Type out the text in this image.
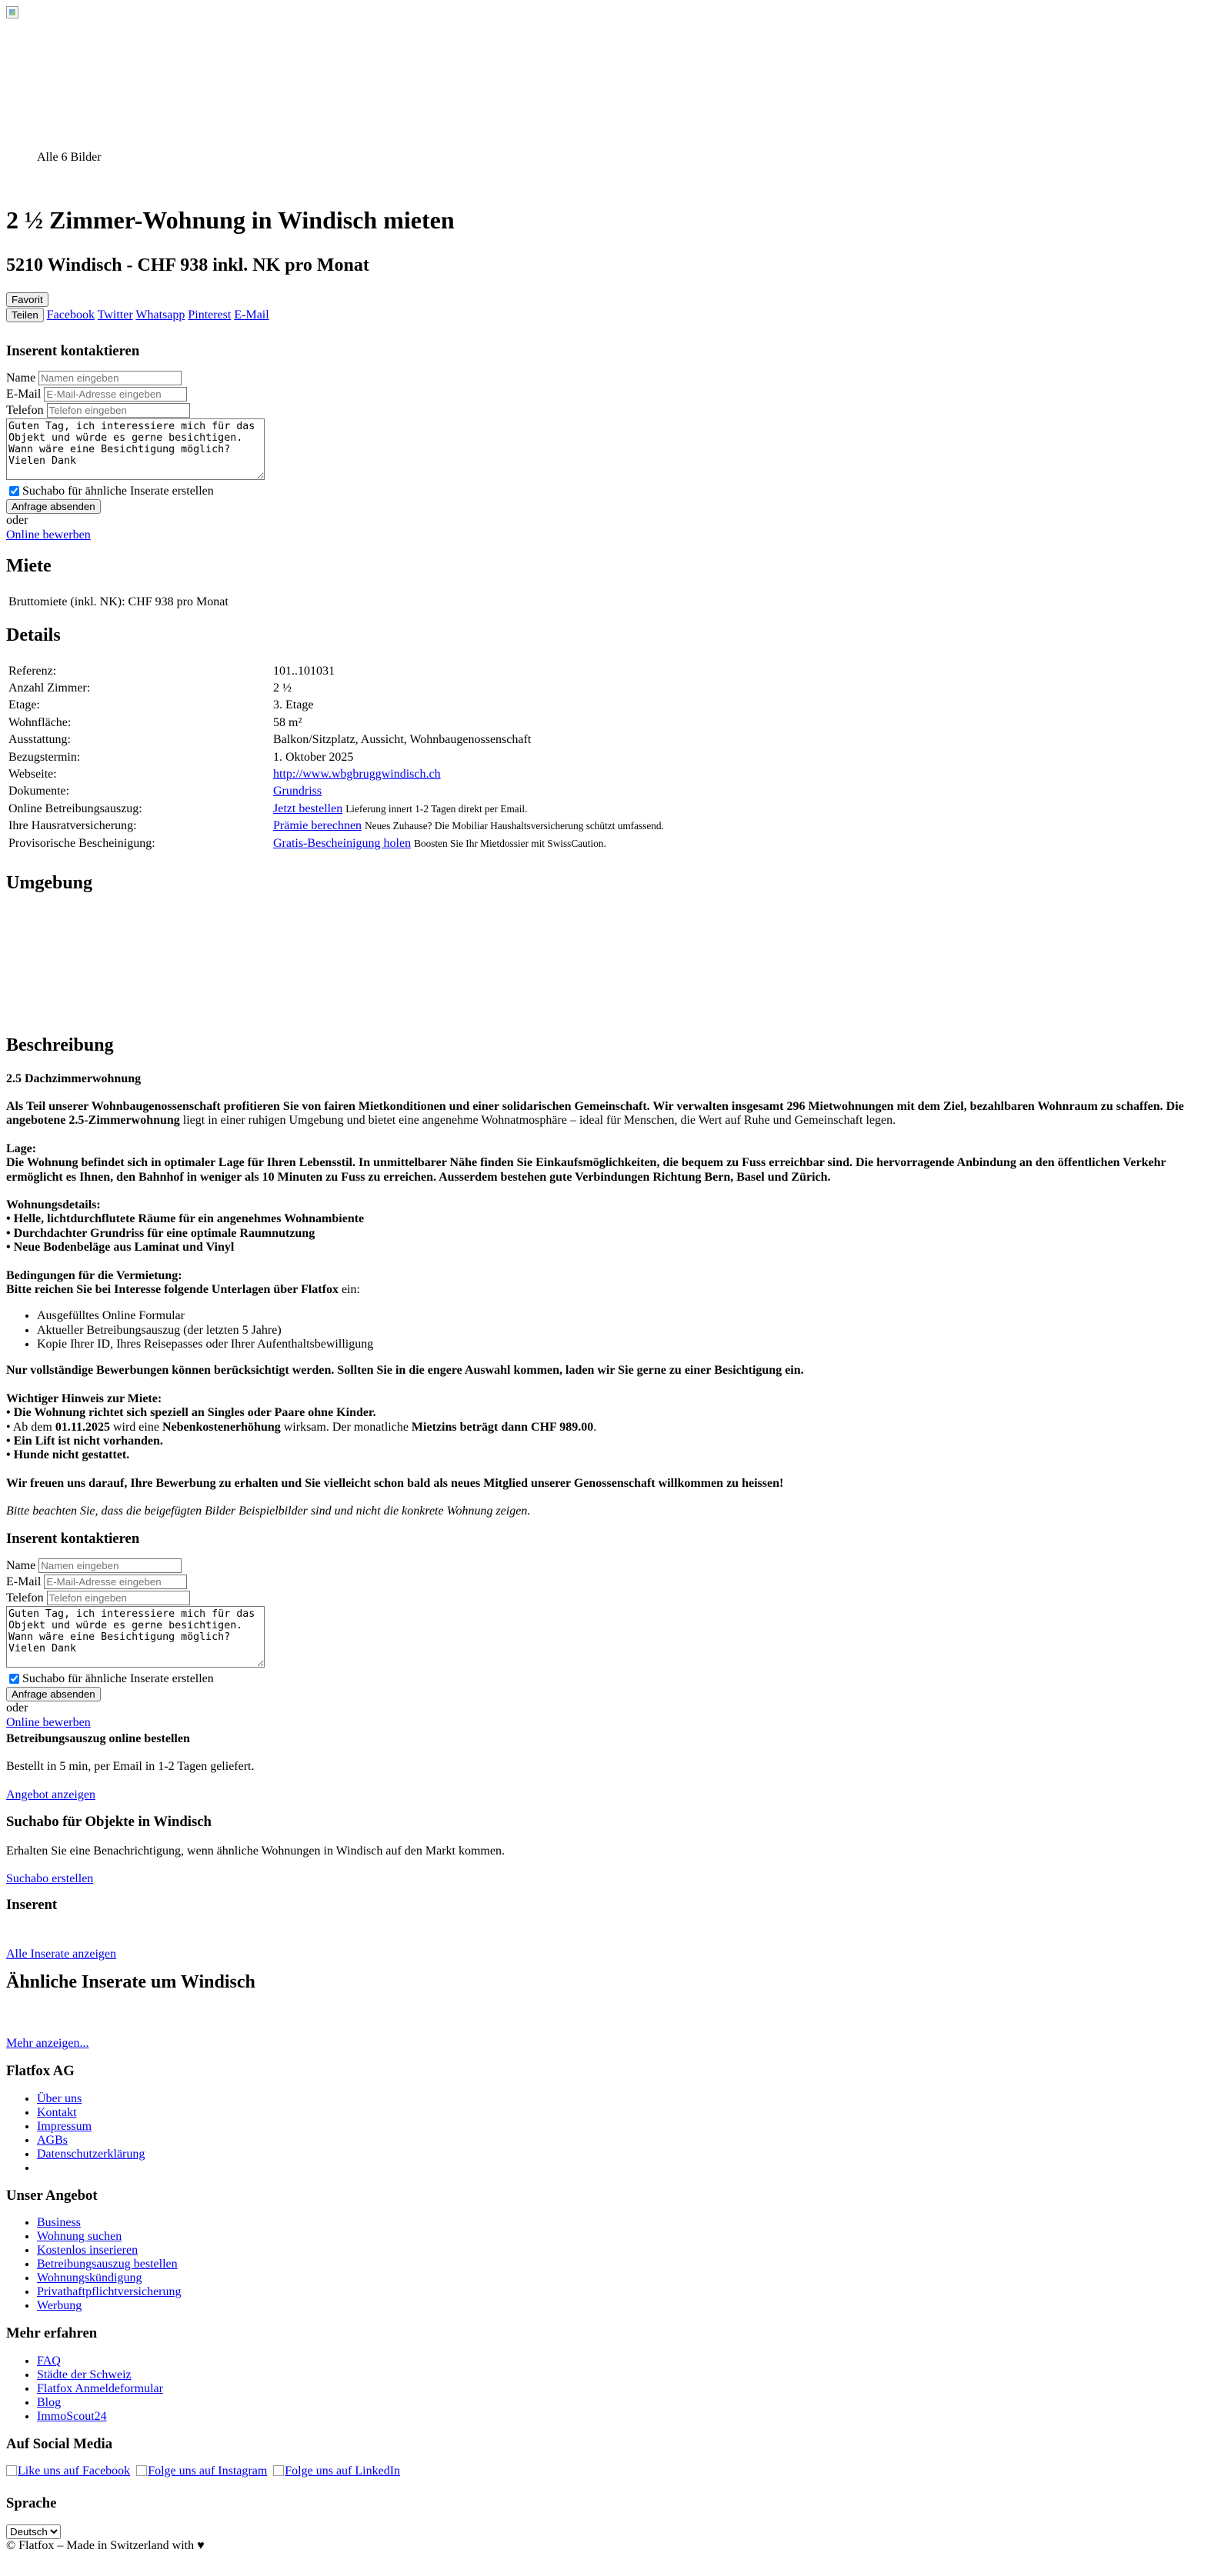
Alle 6 Bilder
2 ½ Zimmer-Wohnung in Windisch mieten
5210 Windisch - CHF 938 inkl. NK pro Monat
Favorit
Teilen Facebook Twitter Whatsapp Pinterest E-Mail
Inserent kontaktieren
Name Namen eingeben
E-Mail E-Mail-Adresse eingeben
Telefon Telefon eingeben
Guten Tag, ich interessiere mich für das Objekt und würde es gerne besichtigen. Wann wäre eine Besichtigung möglich? Vielen Dank
Suchabo für ähnliche Inserate erstellen
Anfrage absenden
oder
Online bewerben
Miete
Bruttomiete (inkl. NK): CHF 938 pro Monat
Details
Referenz:	101..101031
Anzahl Zimmer:	2 ½
Etage:	3. Etage
Wohnfläche:	58 m²
Ausstattung:	Balkon/Sitzplatz, Aussicht, Wohnbaugenossenschaft
Bezugstermin:	1. Oktober 2025
Webseite:	http://www.wbgbruggwindisch.ch
Dokumente:	Grundriss
Online Betreibungsauszug:	Jetzt bestellen Lieferung innert 1-2 Tagen direkt per Email.
Ihre Hausratversicherung:	Prämie berechnen Neues Zuhause? Die Mobiliar Haushaltsversicherung schützt umfassend.
Provisorische Bescheinigung:	Gratis-Bescheinigung holen Boosten Sie Ihr Mietdossier mit SwissCaution.
Umgebung
Beschreibung

2.5 Dachzimmerwohnung

Als Teil unserer Wohnbaugenossenschaft profitieren Sie von fairen Mietkonditionen und einer solidarischen Gemeinschaft. Wir verwalten insgesamt 296 Mietwohnungen mit dem Ziel, bezahlbaren Wohnraum zu schaffen. Die angebotene 2.5-Zimmerwohnung liegt in einer ruhigen Umgebung und bietet eine angenehme Wohnatmosphäre – ideal für Menschen, die Wert auf Ruhe und Gemeinschaft legen.

Lage:
Die Wohnung befindet sich in optimaler Lage für Ihren Lebensstil. In unmittelbarer Nähe finden Sie Einkaufsmöglichkeiten, die bequem zu Fuss erreichbar sind. Die hervorragende Anbindung an den öffentlichen Verkehr ermöglicht es Ihnen, den Bahnhof in weniger als 10 Minuten zu Fuss zu erreichen. Ausserdem bestehen gute Verbindungen Richtung Bern, Basel und Zürich.

Wohnungsdetails:
• Helle, lichtdurchflutete Räume für ein angenehmes Wohnambiente
• Durchdachter Grundriss für eine optimale Raumnutzung
• Neue Bodenbeläge aus Laminat und Vinyl

Bedingungen für die Vermietung:
Bitte reichen Sie bei Interesse folgende Unterlagen über Flatfox ein:
• Ausgefülltes Online Formular
• Aktueller Betreibungsauszug (der letzten 5 Jahre)
• Kopie Ihrer ID, Ihres Reisepasses oder Ihrer Aufenthaltsbewilligung

Nur vollständige Bewerbungen können berücksichtigt werden. Sollten Sie in die engere Auswahl kommen, laden wir Sie gerne zu einer Besichtigung ein.

Wichtiger Hinweis zur Miete:
• Die Wohnung richtet sich speziell an Singles oder Paare ohne Kinder.
• Ab dem 01.11.2025 wird eine Nebenkostenerhöhung wirksam. Der monatliche Mietzins beträgt dann CHF 989.00.
• Ein Lift ist nicht vorhanden.
• Hunde nicht gestattet.

Wir freuen uns darauf, Ihre Bewerbung zu erhalten und Sie vielleicht schon bald als neues Mitglied unserer Genossenschaft willkommen zu heissen!

Bitte beachten Sie, dass die beigefügten Bilder Beispielbilder sind und nicht die konkrete Wohnung zeigen.

Inserent kontaktieren
Name Namen eingeben
E-Mail E-Mail-Adresse eingeben
Telefon Telefon eingeben
Guten Tag, ich interessiere mich für das Objekt und würde es gerne besichtigen. Wann wäre eine Besichtigung möglich? Vielen Dank
Suchabo für ähnliche Inserate erstellen
Anfrage absenden
oder
Online bewerben
Betreibungsauszug online bestellen

Bestellt in 5 min, per Email in 1-2 Tagen geliefert.

Angebot anzeigen
Suchabo für Objekte in Windisch

Erhalten Sie eine Benachrichtigung, wenn ähnliche Wohnungen in Windisch auf den Markt kommen.

Suchabo erstellen
Inserent
Alle Inserate anzeigen
Ähnliche Inserate um Windisch
Mehr anzeigen...
Flatfox AG
• Über uns
• Kontakt
• Impressum
• AGBs
• Datenschutzerklärung
•
Unser Angebot
• Business
• Wohnung suchen
• Kostenlos inserieren
• Betreibungsauszug bestellen
• Wohnungskündigung
• Privathaftpflichtversicherung
• Werbung
Mehr erfahren
• FAQ
• Städte der Schweiz
• Flatfox Anmeldeformular
• Blog
• ImmoScout24
Auf Social Media
Like uns auf Facebook Folge uns auf Instagram Folge uns auf LinkedIn
Sprache
Deutsch
© Flatfox – Made in Switzerland with ♥
